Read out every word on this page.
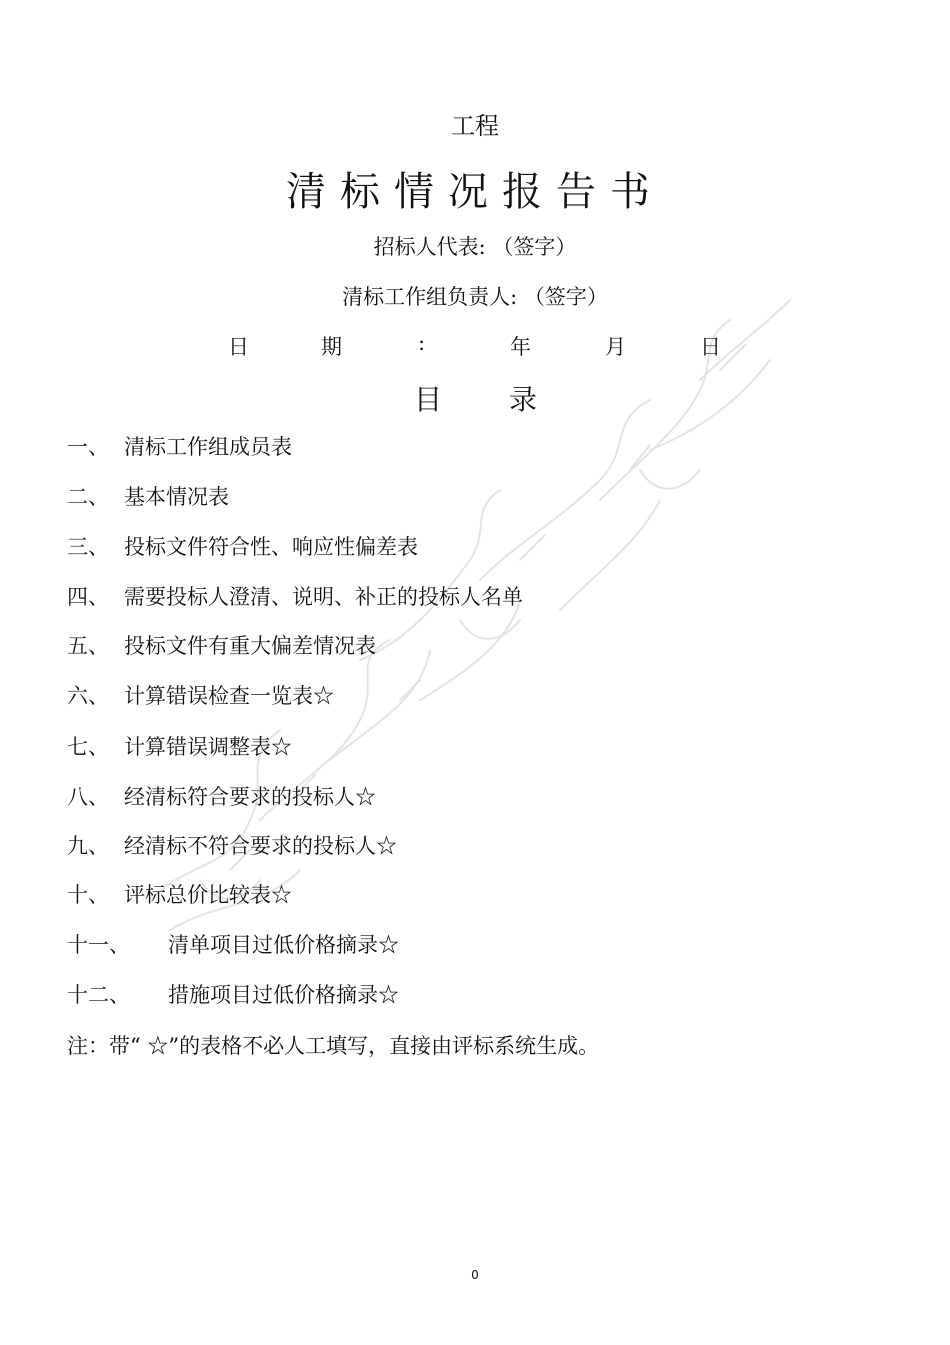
工程
清标情况报告书
招标人代表: （签字）
清标工作组负责人: （签字）
日	期	:	年	月	日
目 录
一、 清标工作组成员表
二、 基本情况表
三、 投标文件符合性、响应性偏差表
四、 需要投标人澄清、说明、补正的投标人名单
五、 投标文件有重大偏差情况表
六、 计算错误检查一览表☆
七、 计算错误调整表☆
八、 经清标符合要求的投标人☆
九、 经清标不符合要求的投标人☆
十、 评标总价比较表☆
十一、 清单项目过低价格摘录☆
十二、 措施项目过低价格摘录☆
注：带“ ☆”的表格不必人工填写，直接由评标系统生成。
0
